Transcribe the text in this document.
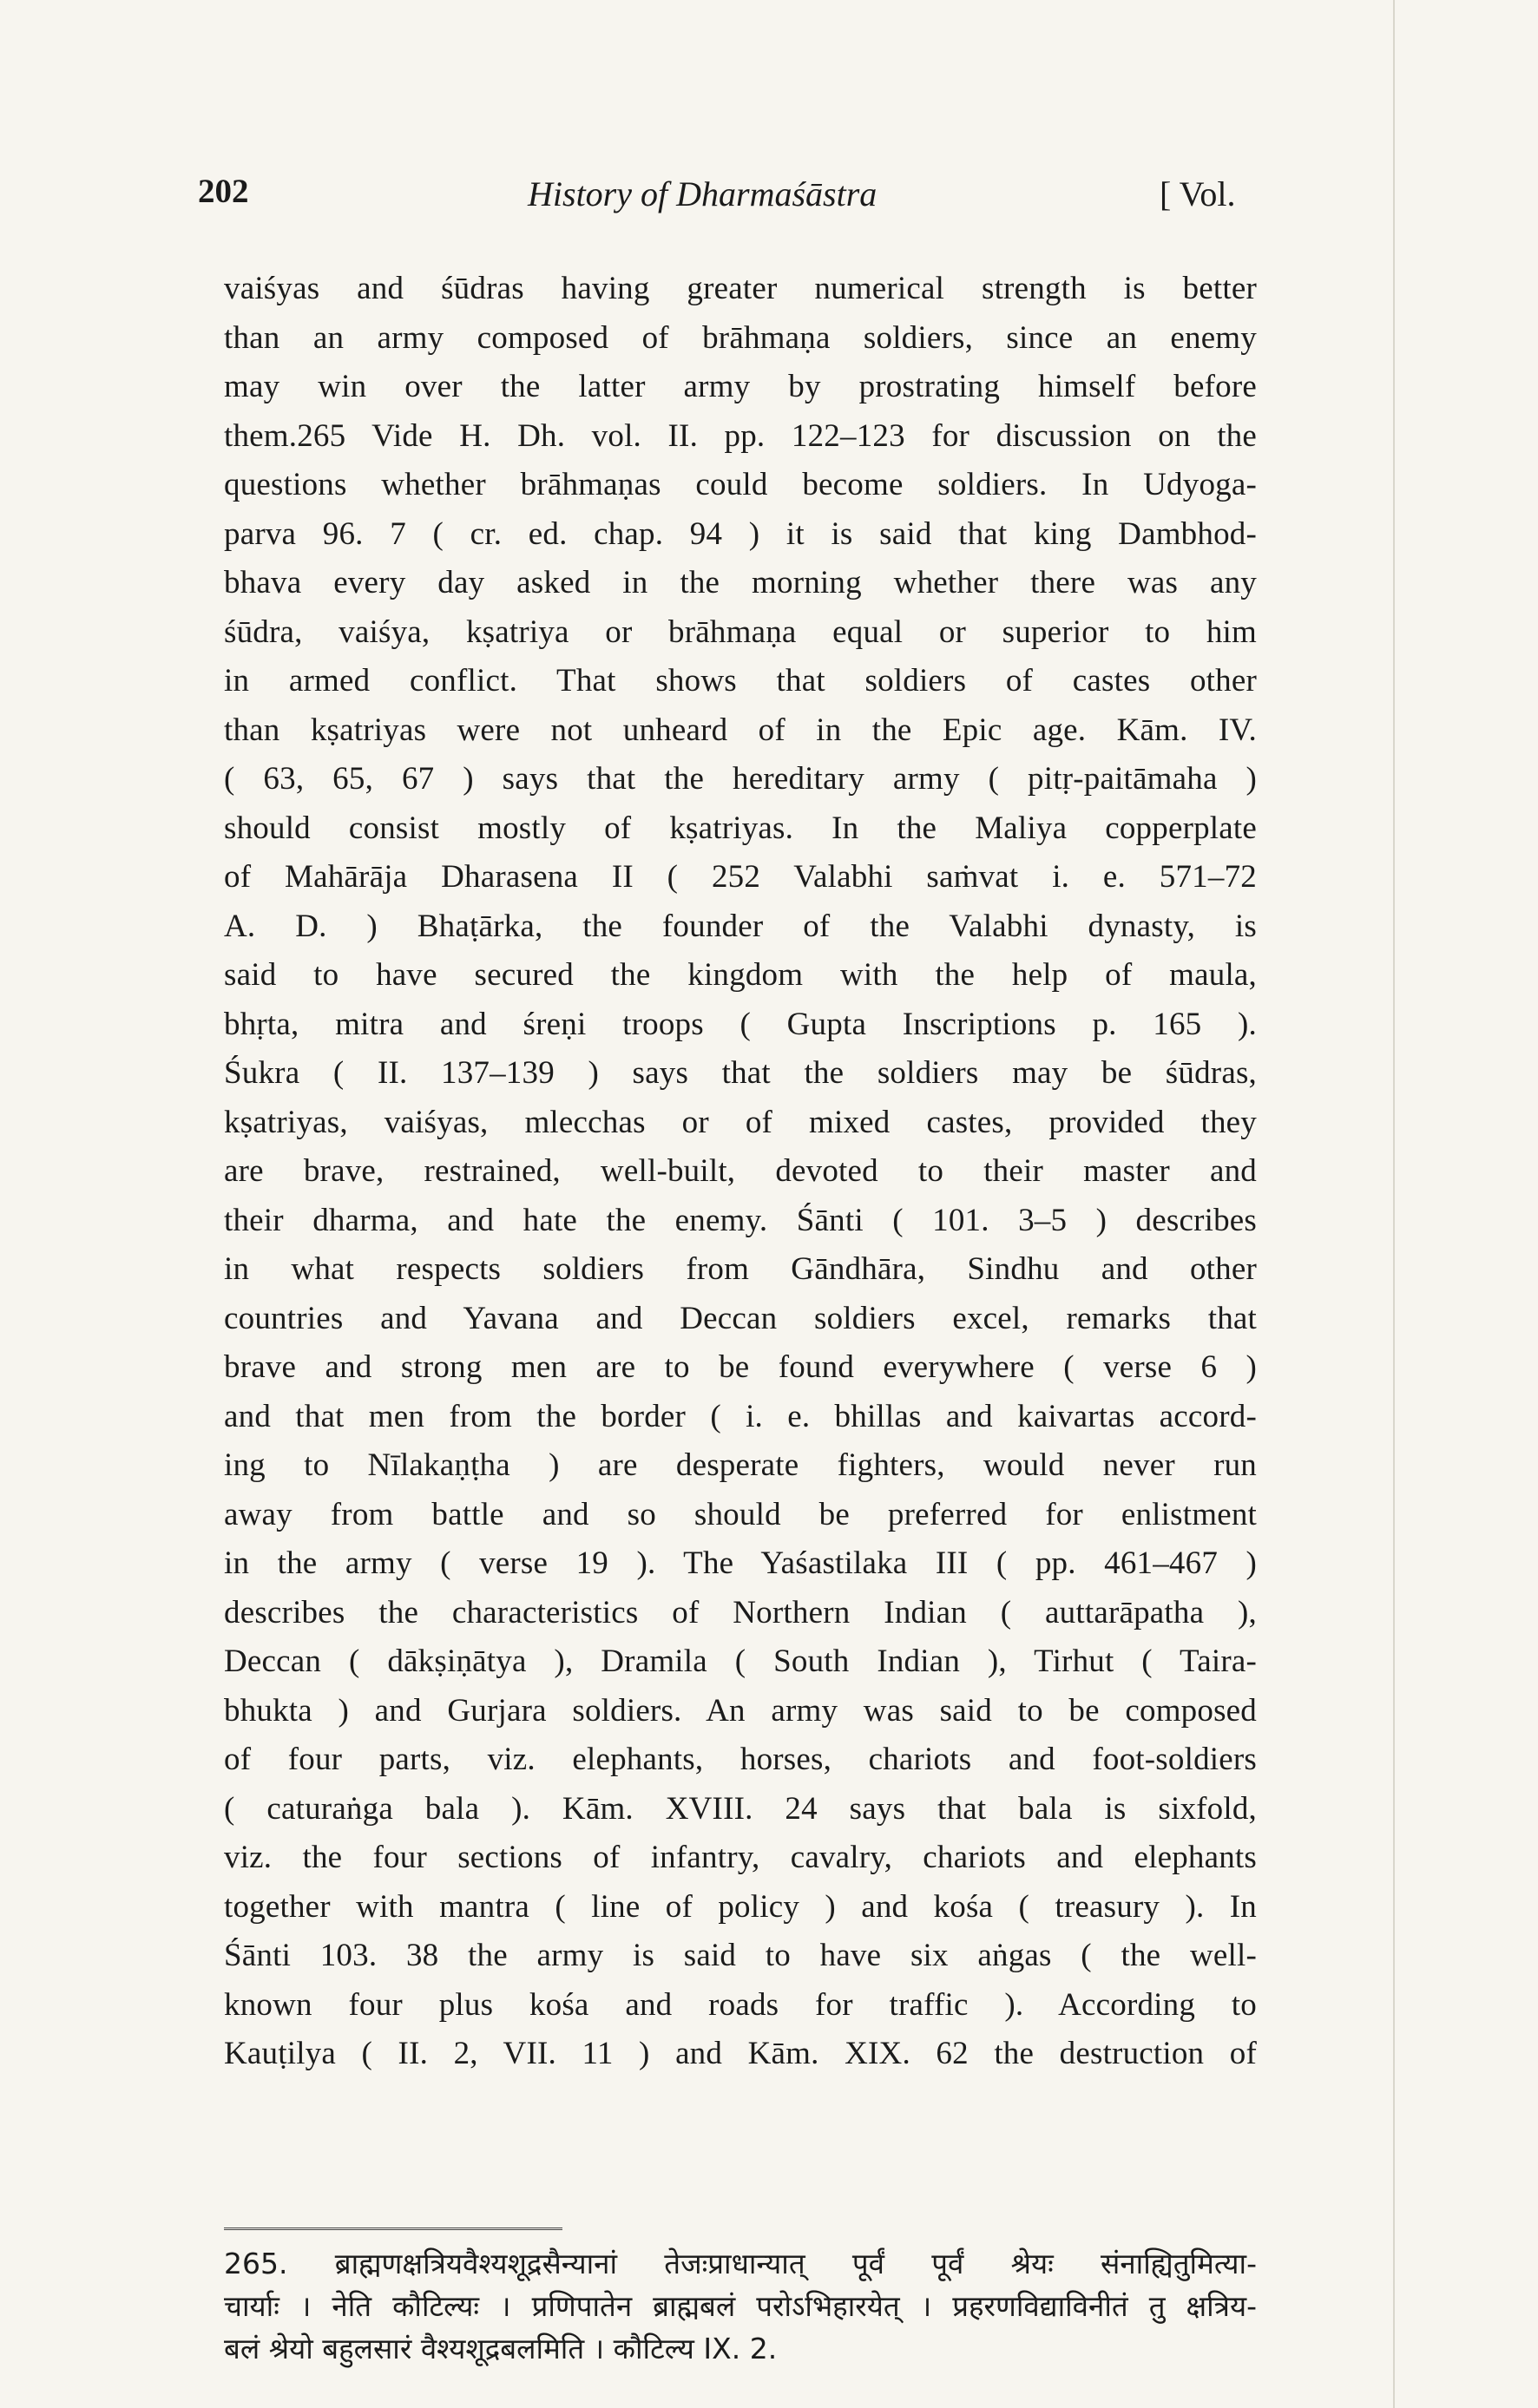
202	History of Dharmaśāstra	[ Vol.
vaiśyas and śūdras having greater numerical strength is better
than an army composed of brāhmaṇa soldiers, since an enemy
may win over the latter army by prostrating himself before
them.265 Vide H. Dh. vol. II. pp. 122–123 for discussion on the
questions whether brāhmaṇas could become soldiers. In Udyoga-
parva 96. 7 ( cr. ed. chap. 94 ) it is said that king Dambhod-
bhava every day asked in the morning whether there was any
śūdra, vaiśya, kṣatriya or brāhmaṇa equal or superior to him
in armed conflict. That shows that soldiers of castes other
than kṣatriyas were not unheard of in the Epic age. Kām. IV.
( 63, 65, 67 ) says that the hereditary army ( pitṛ-paitāmaha )
should consist mostly of kṣatriyas. In the Maliya copperplate
of Mahārāja Dharasena II ( 252 Valabhi saṁvat i. e. 571–72
A. D. ) Bhaṭārka, the founder of the Valabhi dynasty, is
said to have secured the kingdom with the help of maula,
bhṛta, mitra and śreṇi troops ( Gupta Inscriptions p. 165 ).
Śukra ( II. 137–139 ) says that the soldiers may be śūdras,
kṣatriyas, vaiśyas, mlecchas or of mixed castes, provided they
are brave, restrained, well-built, devoted to their master and
their dharma, and hate the enemy. Śānti ( 101. 3–5 ) describes
in what respects soldiers from Gāndhāra, Sindhu and other
countries and Yavana and Deccan soldiers excel, remarks that
brave and strong men are to be found everywhere ( verse 6 )
and that men from the border ( i. e. bhillas and kaivartas accord-
ing to Nīlakaṇṭha ) are desperate fighters, would never run
away from battle and so should be preferred for enlistment
in the army ( verse 19 ). The Yaśastilaka III ( pp. 461–467 )
describes the characteristics of Northern Indian ( auttarāpatha ),
Deccan ( dākṣiṇātya ), Dramila ( South Indian ), Tirhut ( Taira-
bhukta ) and Gurjara soldiers. An army was said to be composed
of four parts, viz. elephants, horses, chariots and foot-soldiers
( caturaṅga bala ). Kām. XVIII. 24 says that bala is sixfold,
viz. the four sections of infantry, cavalry, chariots and elephants
together with mantra ( line of policy ) and kośa ( treasury ). In
Śānti 103. 38 the army is said to have six aṅgas ( the well-
known four plus kośa and roads for traffic ). According to
Kauṭilya ( II. 2, VII. 11 ) and Kām. XIX. 62 the destruction of
265. ब्राह्मणक्षत्रियवैश्यशूद्रसैन्यानां तेजःप्राधान्यात् पूर्वं पूर्वं श्रेयः संनाह्यितुमित्या-
चार्याः । नेति कौटिल्यः । प्रणिपातेन ब्राह्मबलं परोऽभिहारयेत् । प्रहरणविद्याविनीतं तु क्षत्रिय-
बलं श्रेयो बहुलसारं वैश्यशूद्रबलमिति । कौटिल्य IX. 2.
